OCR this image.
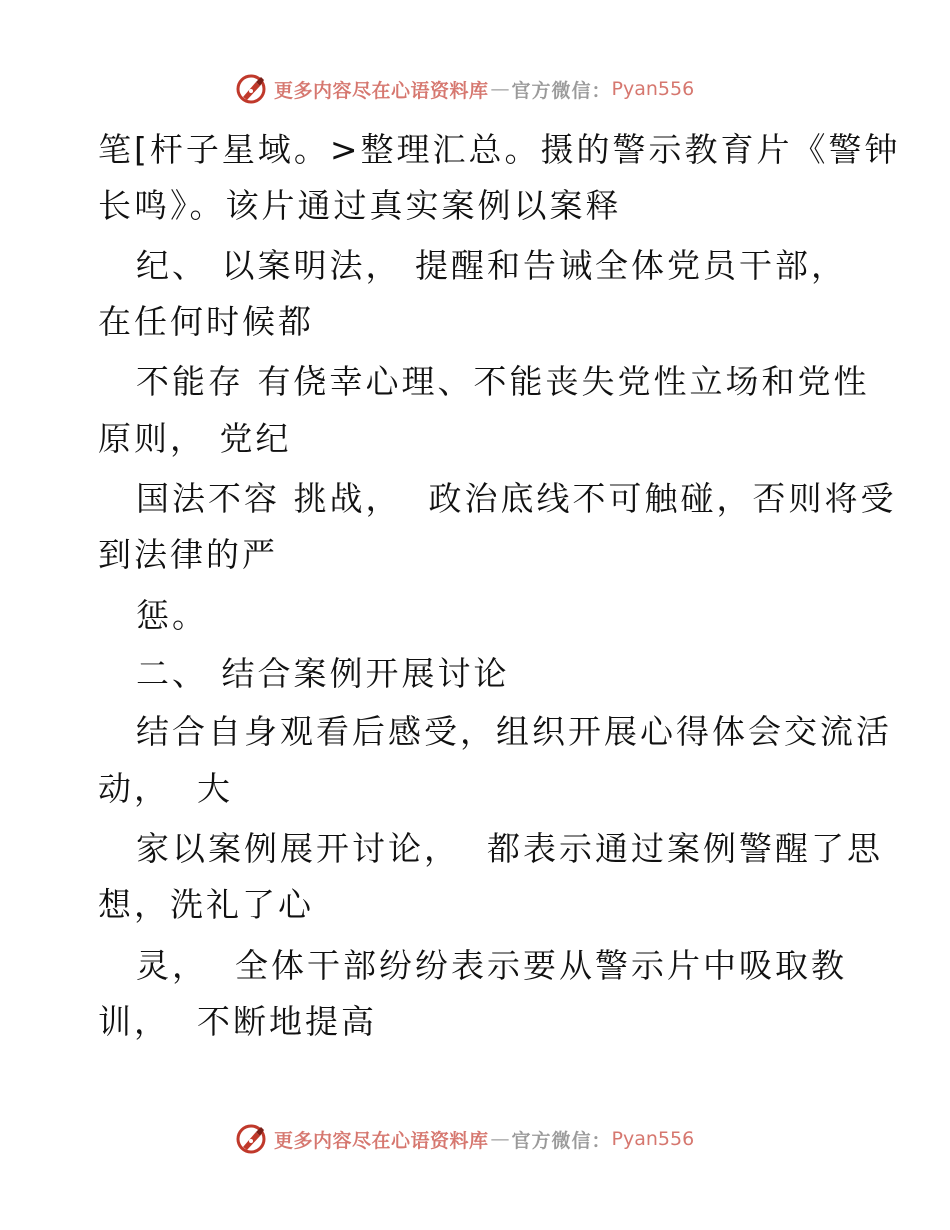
更多内容尽在心语资料库 — 官方微信： Pyan556
笔[杆子星域。>整理汇总。摄的警示教育片《警钟
长鸣》。该片通过真实案例以案释
纪、 以案明法， 提醒和告诫全体党员干部，
在任何时候都
不能存 有侥幸心理、不能丧失党性立场和党性
原则， 党纪
国法不容 挑战，  政治底线不可触碰，否则将受
到法律的严
惩。
二、 结合案例开展讨论
结合自身观看后感受，组织开展心得体会交流活
动，  大
家以案例展开讨论，  都表示通过案例警醒了思
想，洗礼了心
灵，  全体干部纷纷表示要从警示片中吸取教
训，  不断地提高
更多内容尽在心语资料库 — 官方微信： Pyan556
